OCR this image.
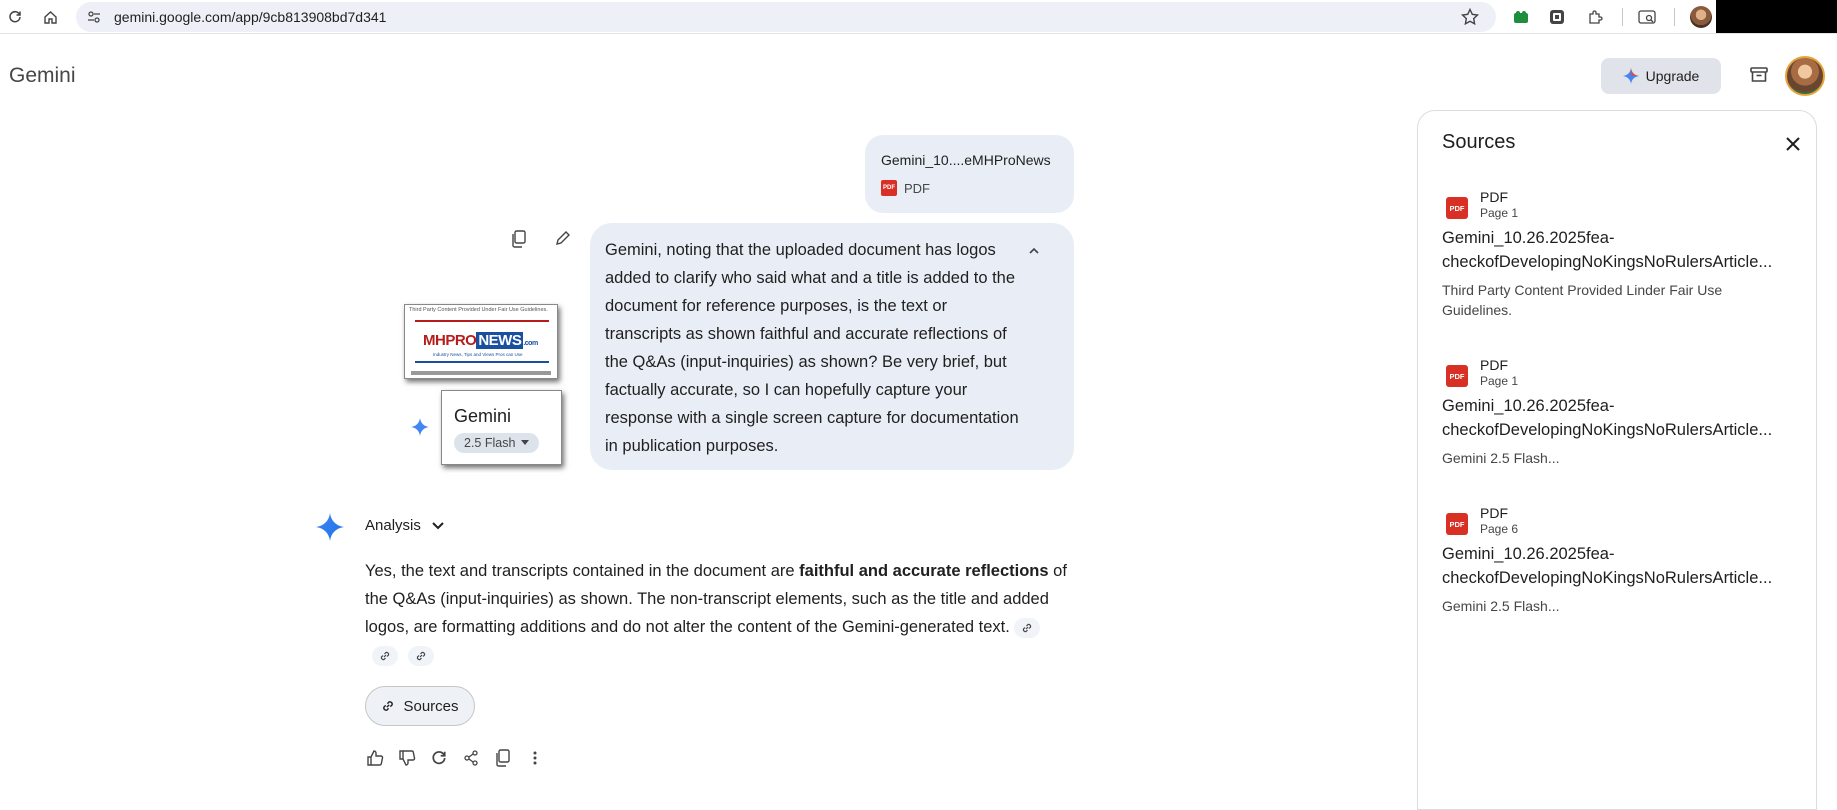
gemini.google.com/app/9cb813908bd7d341
Gemini	Upgrade
Gemini_10....eMHProNews
PDF PDF
Gemini, noting that the uploaded document has logos added to clarify who said what and a title is added to the document for reference purposes, is the text or transcripts as shown faithful and accurate reflections of the Q&As (input-inquiries) as shown? Be very brief, but factually accurate, so I can hopefully capture your response with a single screen capture for documentation in publication purposes.
Third Party Content Provided Under Fair Use Guidelines.
MHPRO NEWS .com
Industry News, Tips and Views Pros can Use
Gemini
2.5 Flash
Analysis
Yes, the text and transcripts contained in the document are faithful and accurate reflections of the Q&As (input-inquiries) as shown. The non-transcript elements, such as the title and added logos, are formatting additions and do not alter the content of the Gemini-generated text.
Sources
Sources
PDF
PDF
Page 1
Gemini_10.26.2025fea-
checkofDevelopingNoKingsNoRulersArticle...
Third Party Content Provided Linder Fair Use Guidelines.
PDF
PDF
Page 1
Gemini_10.26.2025fea-
checkofDevelopingNoKingsNoRulersArticle...
Gemini 2.5 Flash...
PDF
PDF
Page 6
Gemini_10.26.2025fea-
checkofDevelopingNoKingsNoRulersArticle...
Gemini 2.5 Flash...
